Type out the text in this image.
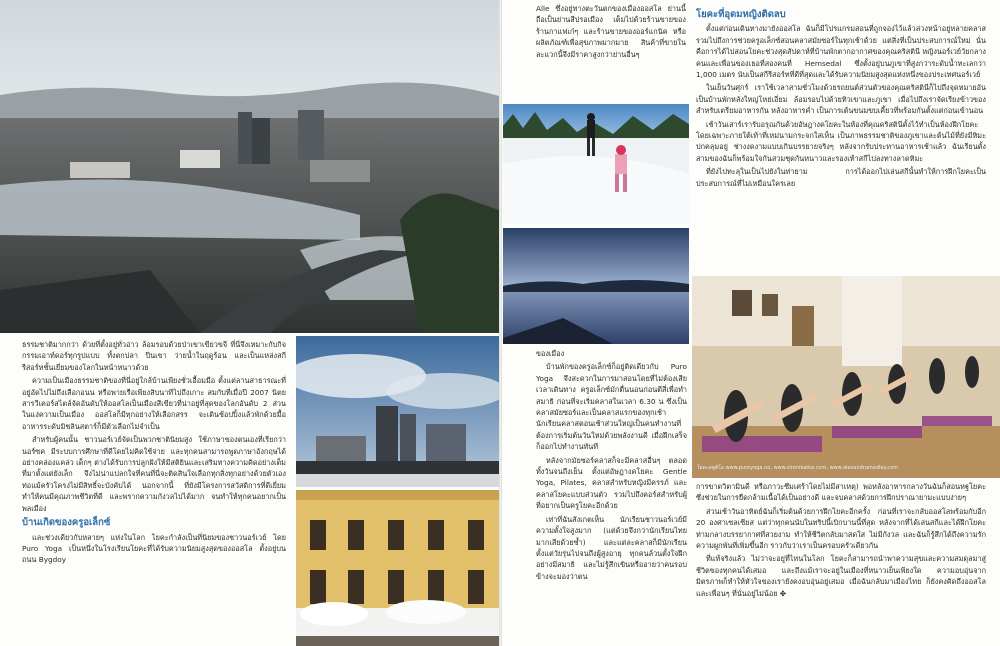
ธรรมชาติมากกว่า ด้วยที่ตั้งอยู่ทั่วอ่าว ล้อมรอบด้วยป่าเขาเขียวขจี ที่นี่จึงเหมาะกับกิจกรรมเอาท์ดอร์ทุกรูปแบบ ทั้งตกปลา ปีนเขา ว่ายน้ำในฤดูร้อน และเป็นแหล่งสกีรีสอร์ทชั้นเยี่ยมของโลกในหน้าหนาวด้วย

ความเป็นเมืองธรรมชาติของที่นี่อยู่ใกล้บ้านเพียงชั่วเอื้อมมือ ตั้งแต่ลานสาธารณะที่อยู่อัดไปไม่ถึงเลือกอนน หรือพายเรือเพียงสิบนาทีไปถึงเกาะ สมกับที่เมื่อปี 2007 นิตยสารวีเคอร์สไตล์จัดอันดับให้ออสโลเป็นเมืองสีเขียวที่น่าอยู่ที่สุดของโลกอันดับ 2 ส่วนในแง่ความเป็นเมือง ออสโลก็มีทุกอย่างให้เลือกสรร จะเดินช้อปปิ้งแล้วพักด้วยมื้ออาหารระดับมิชลินสตาร์ก็มีตัวเลือกไม่จำเป็น

สำหรับผู้คนนั้น ชาวนอร์เวย์จัดเป็นพวกชาตินิยมสูง ใช้ภาษาของตนเองที่เรียกว่านอร์ซค มีระบบการศึกษาที่ดีโดยไม่คิดใช้จ่าย และทุกคนสามารถพูดภาษาอังกฤษได้อย่างคล่องแคล่ว เด็กๆ ต่างได้รับการปลูกฝังให้มีสติยินและเสริมทางความคิดอย่างเต็มที่มาตั้งแต่ยังเล็ก จึงไม่น่าแปลกใจที่คนที่นี่จะติดสินใจเลือกทุกสิ่งทุกอย่างด้วยตัวเอง ท่อแม้ครัวโครงไม่มีสิทธิ์จะบังคับได้ นอกจากนี้ ที่ยังมีโครงการสวัสดิการที่ดีเยี่ยม ทำให้คนมีคุณภาพชีวิตที่ดี และพรากความกังวลไปได้มาก จนทำให้ทุกคนอยากเป็นพลเมือง

บ้านเกิดของครูอเล็กซ์

และช่วงเดียวกับหลายๆ แห่งในโลก โยคะกำลังเป็นที่นิยมของชาวนอร์เวย์ โดย Puro Yoga เป็นหนึ่งในโรงเรียนโยคะที่ได้รับความนิยมสูงสุดของออสโล ตั้งอยู่บนถนน Bygdoy

Alle ซึ่งอยู่ทางตะวันตกของเมืองออสโล ย่านนี้ถือเป็นย่านสีปรอเมือง เต็มไปด้วยร้านขายของ ร้านกาแฟเก๋ๆ และร้านขายของออร์แกนิค หรือผลิตภัณฑ์เพื่อสุขภาพมากมาย สินค้าที่ขายในละแวกนี้จึงมีราคาสูงกว่าย่านอื่นๆ

ของเมือง

บ้านพักของครูอเล็กซ์ก็อยู่ติดเดียวกับ Puro Yoga จึงสะดวกในการมาสอนโดยที่ไม่ต้องเสียเวลาเดินทาง ครูอเล็กซ์มักตื่นนอนก่อนตีสี่เพื่อทำสมาธิ ก่อนที่จะเริ่มคลาสในเวลา 6.30 น ซึ่งเป็นคลาสมัยซอร์และเป็นคลาสแรกของทุกเช้า นักเรียนคลาสตอนเช้าส่วนใหญ่เป็นคนทำงานที่ต้องการเริ่มต้นวันใหม่ด้วยพลังงานดี เมื่อฝึกเสร็จก็ออกไปทำงานทันที

หลังจากมัยซอร์คลาสก็จะมีคลาสอื่นๆ ตลอดทั้งวันจนถึงเย็น ตั้งแต่อัษฎางคโยคะ Gentle Yoga, Pilates, คลาสสำหรับหญิงมีครรภ์ และคลาสโยคะแบบส่วนตัว รวมไปถึงคอร์สสำหรับผู้ที่อยากเป็นครูโยคะอีกด้วย

เท่าที่ฉันสังเกตเห็น นักเรียนชาวนอร์เวย์มีความตั้งใจสูงมาก (แต่ด้วยจึงกว่านักเรียนไทยมากเสียด้วยซ้ำ) และแต่ละคลาสก็มีนักเรียนตั้งแต่วัยรุ่นไปจนถึงผู้สูงอายุ ทุกคนล้วนตั้งใจฝึกอย่างมีสมาธิ และไม่รู้สึกเขินหรืออายว่าคนรอบข้างจะมองว่าตน

โยคะที่อุดมหญิงติดลบ

ตั้งแต่ก่อนเดินทางมายังออสโล ฉันก็มีโปรแกรมสอนที่ถูกจองไว้แล้วล่วงหน้าอยู่หลายคลาส รวมไปถึงการช่วยครูอเล็กซ์สอนคลาสมัยซอร์ในทุกเช้าด้วย แต่สิ่งที่เป็นประสบการณ์ใหม่ นั่นคือการได้ไปสอนโยคะช่วงสุดสัปดาห์ที่บ้านพักตากอากาศของคุณคริสตินี หญิงนอร์เวย์วัยกลางคนและเพื่อนของเธอที่สองคนที่ Hemsedal ซึ่งตั้งอยู่บนภูเขาที่สูงกว่าระดับน้ำทะเลกว่า 1,000 เมตร นับเป็นสกีรีสอร์ทที่ดีที่สุดและได้รับความนิยมสูงสุดแห่งหนึ่งของประเทศนอร์เวย์

ในเย็นวันศุกร์ เราใช้เวลาสามชั่วโมงด้วยรถยนต์ส่วนตัวของคุณคริสตินีก็ไปถึงจุดหมายอันเป็นบ้านพักหลังใหญ่โหย่เอี่ยม ล้อมรอบไปด้วยทิวเขาและภูเขา เมื่อไปถึงเราจัดเรียงข้าวของสำหรับเตรียมอาหารกัน หลังอาหารค่ำ เป็นการเต้นขนมขบเคี้ยวที่พร้อมกันตั้งแต่ก่อนเข้านอน

เช้าวันเสาร์เรารับอรุณกันด้วยอัษฎางคโยคะในห้องที่คุณคริสตินีตั้งไว้ทำเป็นห้องฝึกโยคะโดยเฉพาะภายใต้เท้าที่เหม่นามกระจกใสเห็น เป็นภาพธรรมชาติของภูเขาและต้นไม้ที่ยังมีหิมะปกคลุมอยู่ ช่างงดงามแบบเกินบรรยายจริงๆ หลังจากรับประทานอาหารเช้าแล้ว ฉันเรียนตั้งสามของฉันก็พร้อมใจกันสวมชุดกันหนาวและรองเท้าสกีไปลงทางลาดหิมะ

ที่ยังไปทะลุในเป็นไปยังในท่ายาม การได้ออกไปเล่นสกีนั้นทำให้การฝึกโยคะเป็นประสบการณ์ที่ไม่เหมือนใครเลย

โยคะสตูดิโอ www.puroyoga.no, www.sirenikatka.com, www.alexandramedley.com

การขาดวิตามินดี หรือภาวะซึมเศร้าโดยไม่มีสาเหตุ) พอหลังอาหารกลางวันฉันก็สอนหฐโยคะซึ่งช่วยในการยืดกล้ามเนื้อได้เป็นอย่างดี และจบคลาสด้วยการฝึกปราณายามะแบบง่ายๆ

ส่วนเช้าวันอาทิตย์ฉันก็เริ่มต้นด้วยการฝึกโยคะอีกครั้ง ก่อนที่เราจะกลับออสโลพร้อมกับอีก 20 องศาเซลเซียส แต่ว่าทุกคนนับในทริปนี้เบิกบานนี้ที่สุด หลังจากที่ได้เล่นสกีและได้ฝึกโยคะท่ามกลางบรรยากาศที่สวยงาม ทำให้ชีวิตกลับมาสดใส ไม่มีกังวล และฉันก็รู้สึกได้ถึงความรักความผูกพันที่เพิ่มขึ้นอีก ราวกับว่าเราเป็นครอบครัวเดียวกัน

ที่แท้จริงแล้ว ไม่ว่าจะอยู่ที่ไหนในโลก โยคะก็สามารถนำพาความสุขและความสมดุลมาสู่ชีวิตของทุกคนได้เสมอ และถึงแม้เราจะอยู่ในเมืองที่หนาวเย็นเพียงใด ความอบอุ่นจากมิตรภาพก็ทำให้หัวใจของเรายังคงอบอุ่นอยู่เสมอ เมื่อฉันกลับมาเมืองไทย ก็ยังคงคิดถึงออสโลและเพื่อนๆ ที่นั่นอยู่ไม่น้อย ✤
